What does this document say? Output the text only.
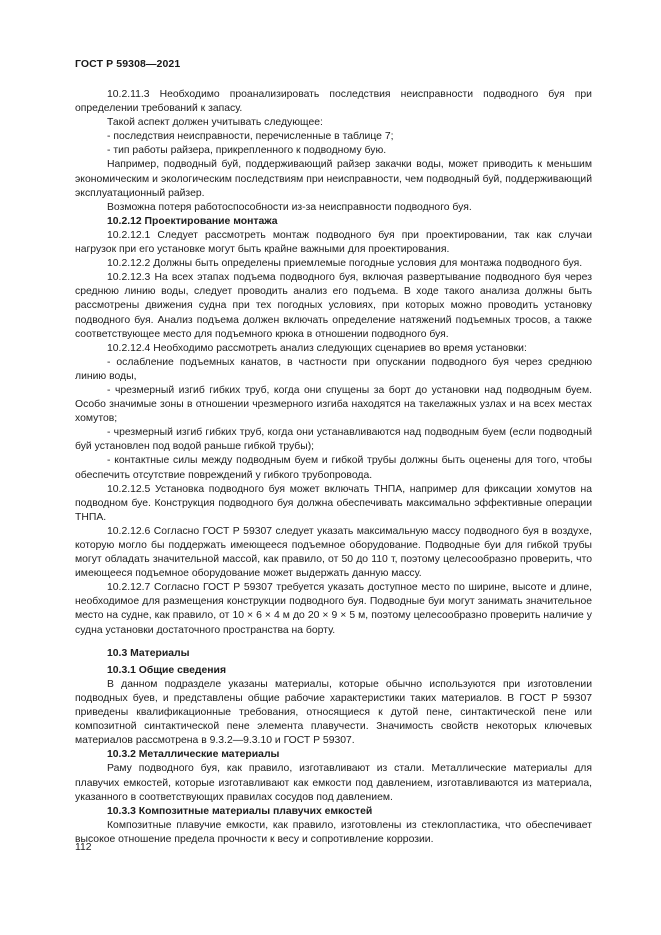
ГОСТ Р 59308—2021

10.2.11.3 Необходимо проанализировать последствия неисправности подводного буя при определении требований к запасу.

Такой аспект должен учитывать следующее:

- последствия неисправности, перечисленные в таблице 7;

- тип работы райзера, прикрепленного к подводному бую.

Например, подводный буй, поддерживающий райзер закачки воды, может приводить к меньшим экономическим и экологическим последствиям при неисправности, чем подводный буй, поддерживающий эксплуатационный райзер.

Возможна потеря работоспособности из-за неисправности подводного буя.

10.2.12 Проектирование монтажа

10.2.12.1 Следует рассмотреть монтаж подводного буя при проектировании, так как случаи нагрузок при его установке могут быть крайне важными для проектирования.

10.2.12.2 Должны быть определены приемлемые погодные условия для монтажа подводного буя.

10.2.12.3 На всех этапах подъема подводного буя, включая развертывание подводного буя через среднюю линию воды, следует проводить анализ его подъема. В ходе такого анализа должны быть рассмотрены движения судна при тех погодных условиях, при которых можно проводить установку подводного буя. Анализ подъема должен включать определение натяжений подъемных тросов, а также соответствующее место для подъемного крюка в отношении подводного буя.

10.2.12.4 Необходимо рассмотреть анализ следующих сценариев во время установки:

- ослабление подъемных канатов, в частности при опускании подводного буя через среднюю линию воды,

- чрезмерный изгиб гибких труб, когда они спущены за борт до установки над подводным буем. Особо значимые зоны в отношении чрезмерного изгиба находятся на такелажных узлах и на всех местах хомутов;

- чрезмерный изгиб гибких труб, когда они устанавливаются над подводным буем (если подводный буй установлен под водой раньше гибкой трубы);

- контактные силы между подводным буем и гибкой трубы должны быть оценены для того, чтобы обеспечить отсутствие повреждений у гибкого трубопровода.

10.2.12.5 Установка подводного буя может включать ТНПА, например для фиксации хомутов на подводном буе. Конструкция подводного буя должна обеспечивать максимально эффективные операции ТНПА.

10.2.12.6 Согласно ГОСТ Р 59307 следует указать максимальную массу подводного буя в воздухе, которую могло бы поддержать имеющееся подъемное оборудование. Подводные буи для гибкой трубы могут обладать значительной массой, как правило, от 50 до 110 т, поэтому целесообразно проверить, что имеющееся подъемное оборудование может выдержать данную массу.

10.2.12.7 Согласно ГОСТ Р 59307 требуется указать доступное место по ширине, высоте и длине, необходимое для размещения конструкции подводного буя. Подводные буи могут занимать значительное место на судне, как правило, от 10 × 6 × 4 м до 20 × 9 × 5 м, поэтому целесообразно проверить наличие у судна установки достаточного пространства на борту.

10.3 Материалы

10.3.1 Общие сведения

В данном подразделе указаны материалы, которые обычно используются при изготовлении подводных буев, и представлены общие рабочие характеристики таких материалов. В ГОСТ Р 59307 приведены квалификационные требования, относящиеся к дутой пене, синтактической пене или композитной синтактической пене элемента плавучести. Значимость свойств некоторых ключевых материалов рассмотрена в 9.3.2—9.3.10 и ГОСТ Р 59307.

10.3.2 Металлические материалы

Раму подводного буя, как правило, изготавливают из стали. Металлические материалы для плавучих емкостей, которые изготавливают как емкости под давлением, изготавливаются из материала, указанного в соответствующих правилах сосудов под давлением.

10.3.3 Композитные материалы плавучих емкостей

Композитные плавучие емкости, как правило, изготовлены из стеклопластика, что обеспечивает высокое отношение предела прочности к весу и сопротивление коррозии.

112
